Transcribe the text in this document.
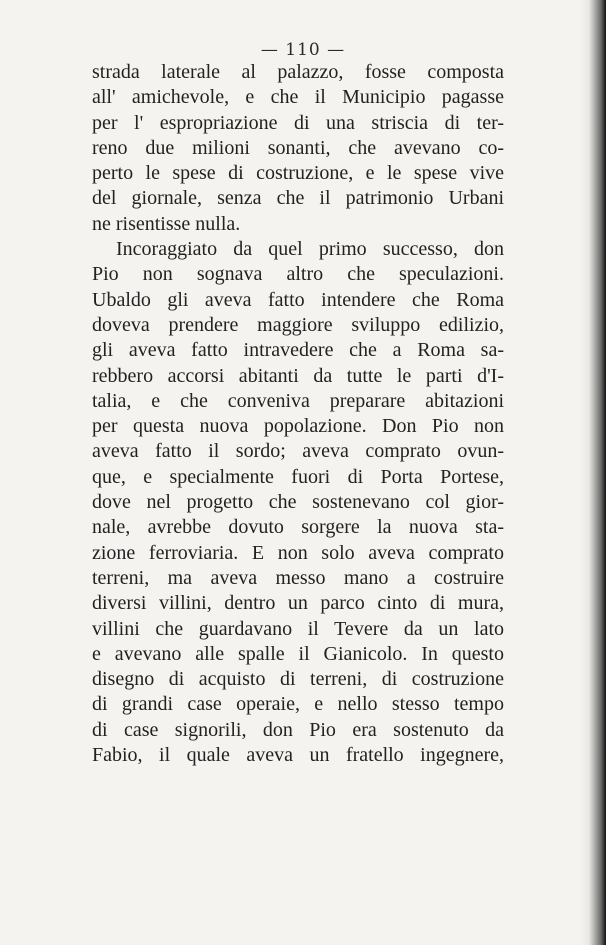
— 110 —
strada laterale al palazzo, fosse composta
all' amichevole, e che il Municipio pagasse
per l' espropriazione di una striscia di ter-
reno due milioni sonanti, che avevano co-
perto le spese di costruzione, e le spese vive
del giornale, senza che il patrimonio Urbani
ne risentisse nulla.
Incoraggiato da quel primo successo, don
Pio non sognava altro che speculazioni.
Ubaldo gli aveva fatto intendere che Roma
doveva prendere maggiore sviluppo edilizio,
gli aveva fatto intravedere che a Roma sa-
rebbero accorsi abitanti da tutte le parti d'I-
talia, e che conveniva preparare abitazioni
per questa nuova popolazione. Don Pio non
aveva fatto il sordo; aveva comprato ovun-
que, e specialmente fuori di Porta Portese,
dove nel progetto che sostenevano col gior-
nale, avrebbe dovuto sorgere la nuova sta-
zione ferroviaria. E non solo aveva comprato
terreni, ma aveva messo mano a costruire
diversi villini, dentro un parco cinto di mura,
villini che guardavano il Tevere da un lato
e avevano alle spalle il Gianicolo. In questo
disegno di acquisto di terreni, di costruzione
di grandi case operaie, e nello stesso tempo
di case signorili, don Pio era sostenuto da
Fabio, il quale aveva un fratello ingegnere,
